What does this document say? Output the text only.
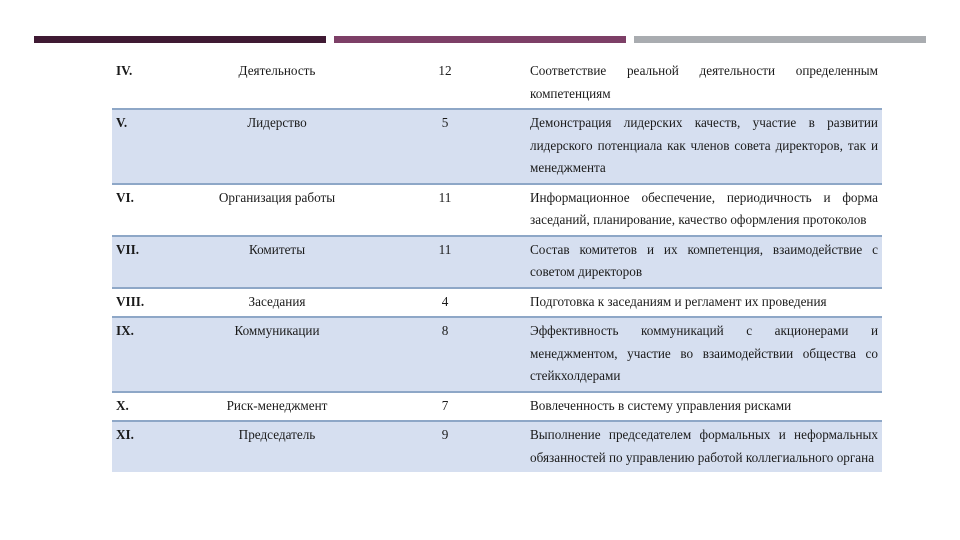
IV.	Деятельность	12	Соответствие реальной деятельности определенным компетенциям
V.	Лидерство	5	Демонстрация лидерских качеств, участие в развитии лидерского потенциала как членов совета директоров, так и менеджмента
VI.	Организация работы	11	Информационное обеспечение, периодичность и форма заседаний, планирование, качество оформления протоколов
VII.	Комитеты	11	Состав комитетов и их компетенция, взаимодействие с советом директоров
VIII.	Заседания	4	Подготовка к заседаниям и регламент их проведения
IX.	Коммуникации	8	Эффективность коммуникаций с акционерами и менеджментом, участие во взаимодействии общества со стейкхолдерами
X.	Риск-менеджмент	7	Вовлеченность в систему управления рисками
XI.	Председатель	9	Выполнение председателем формальных и неформальных обязанностей по управлению работой коллегиального органа
